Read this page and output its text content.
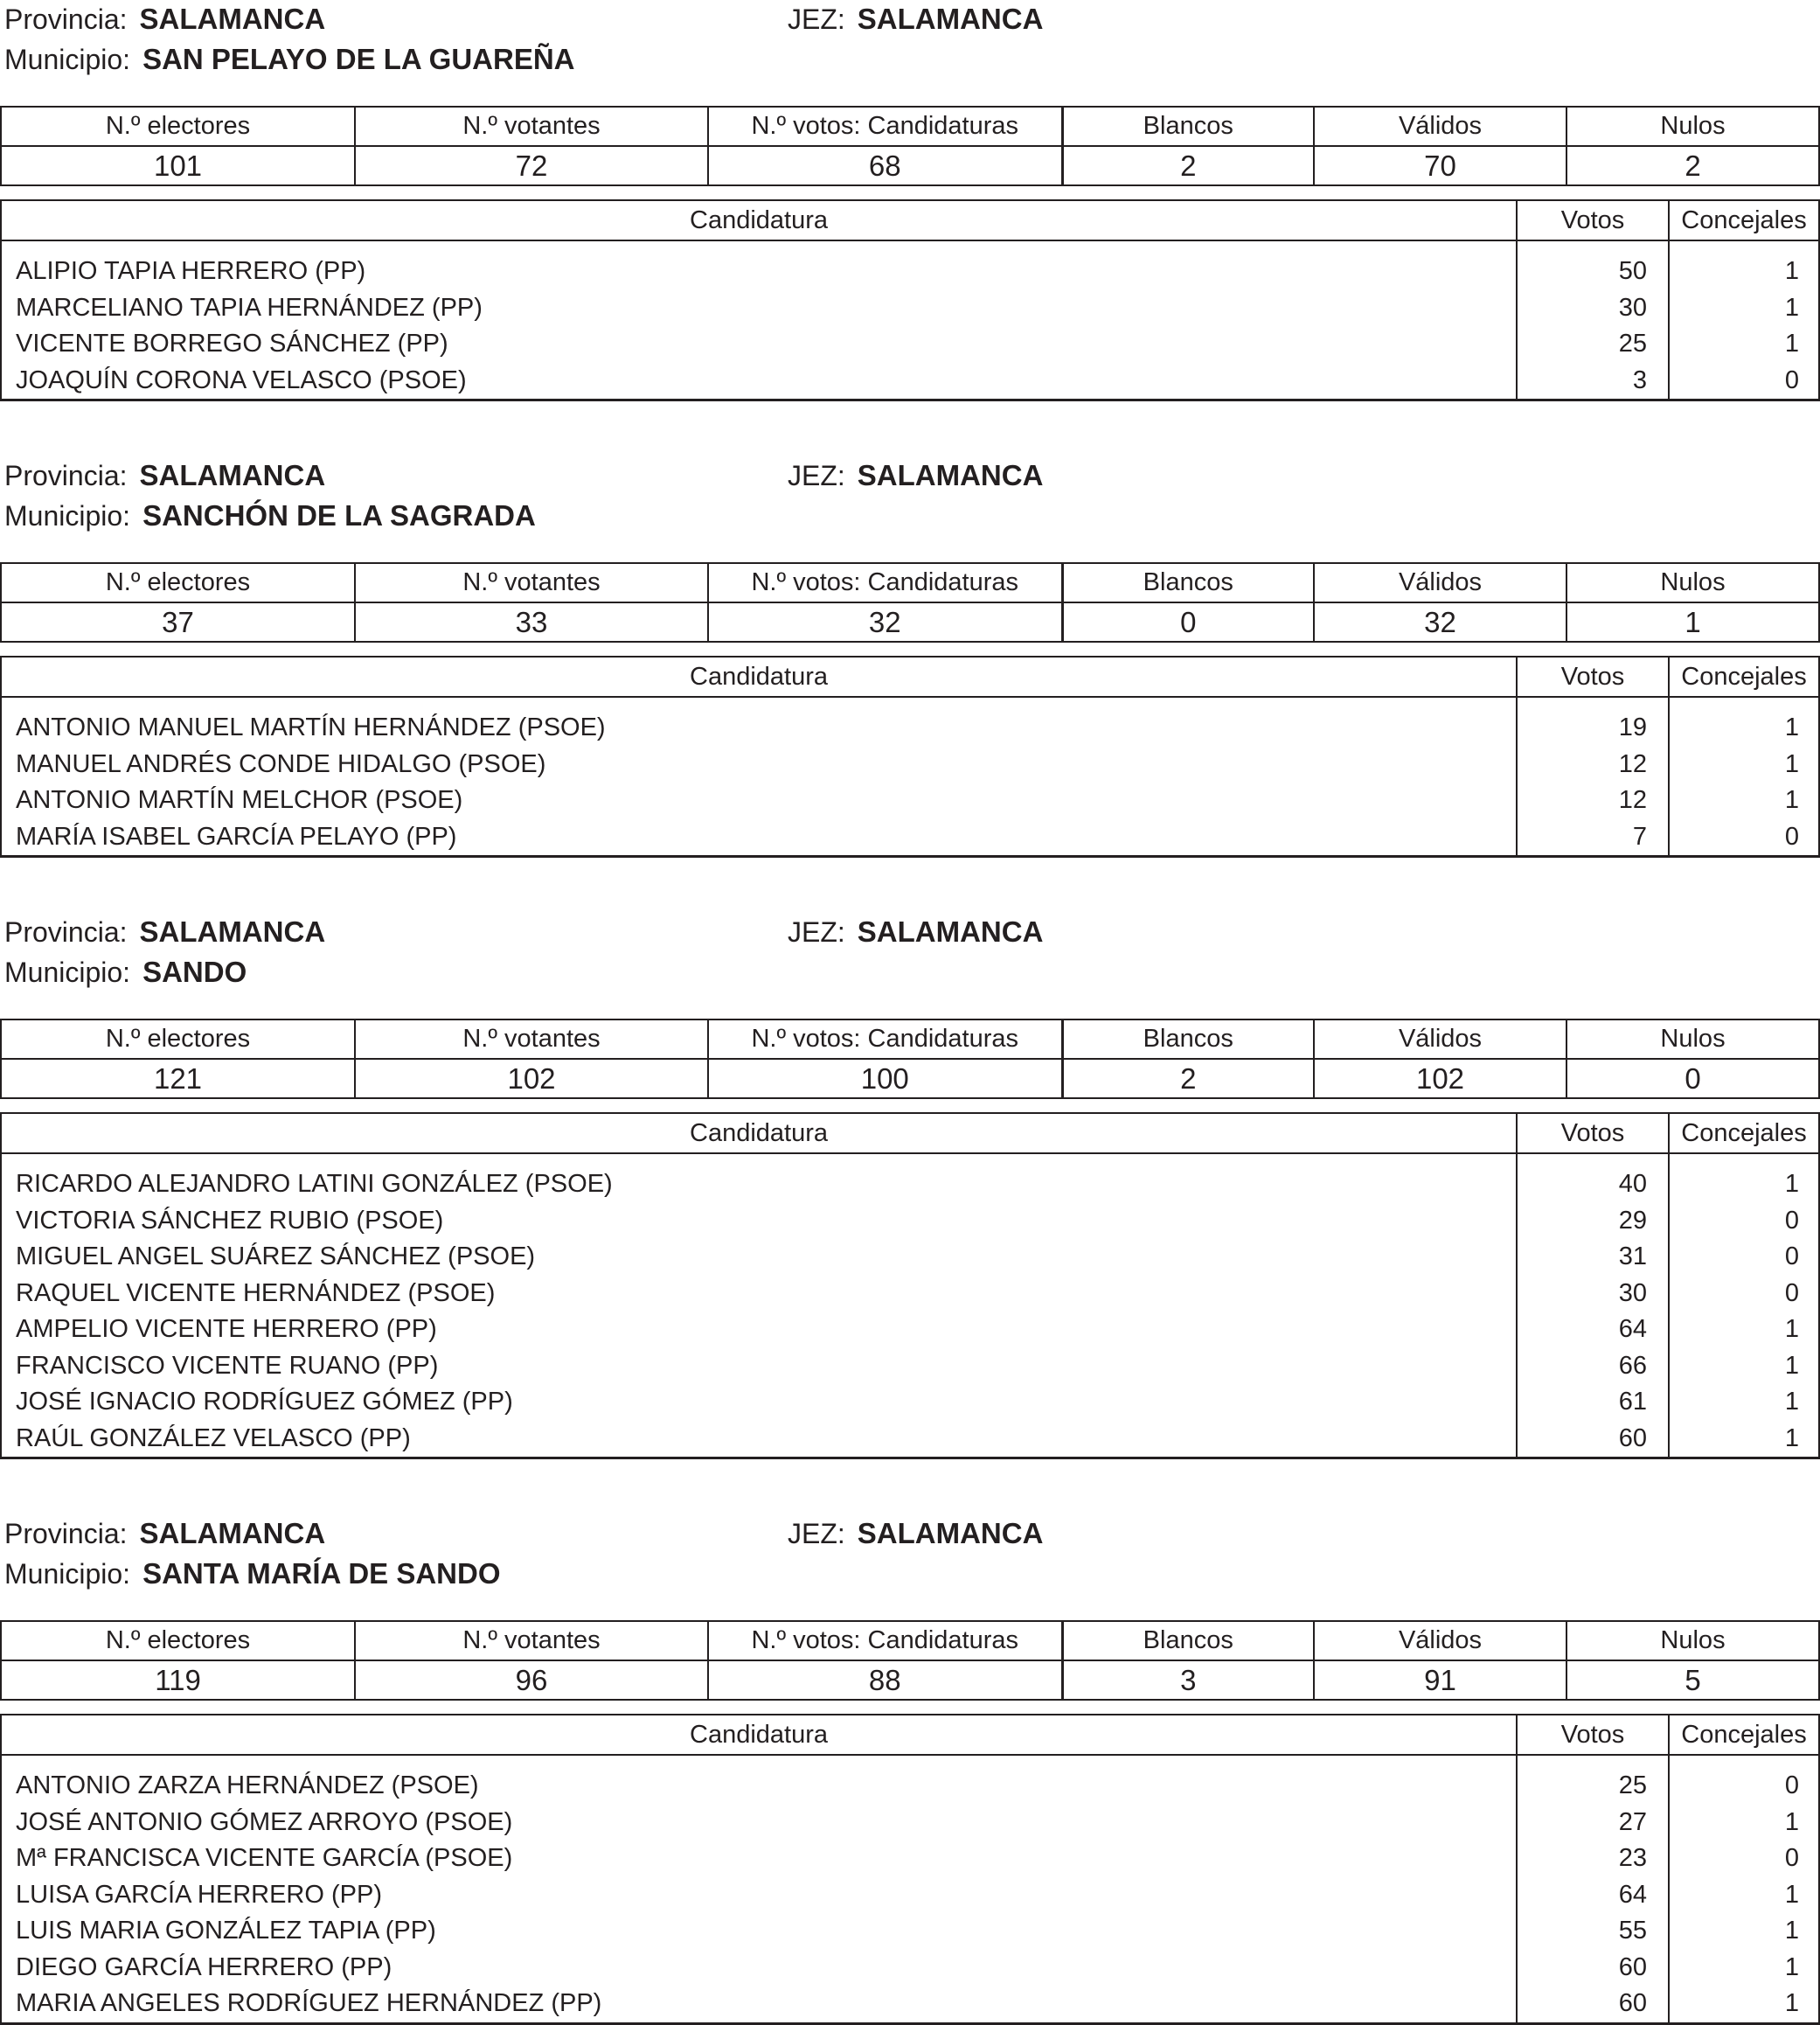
Provincia: SALAMANCA	JEZ: SALAMANCA
Municipio: SAN PELAYO DE LA GUAREÑA
N.º electores	N.º votantes	N.º votos: Candidaturas	Blancos	Válidos	Nulos
101	72	68	2	70	2
Candidatura	Votos	Concejales
ALIPIO TAPIA HERRERO (PP)	50	1
MARCELIANO TAPIA HERNÁNDEZ (PP)	30	1
VICENTE BORREGO SÁNCHEZ (PP)	25	1
JOAQUÍN CORONA VELASCO (PSOE)	3	0
Provincia: SALAMANCA	JEZ: SALAMANCA
Municipio: SANCHÓN DE LA SAGRADA
N.º electores	N.º votantes	N.º votos: Candidaturas	Blancos	Válidos	Nulos
37	33	32	0	32	1
Candidatura	Votos	Concejales
ANTONIO MANUEL MARTÍN HERNÁNDEZ (PSOE)	19	1
MANUEL ANDRÉS CONDE HIDALGO (PSOE)	12	1
ANTONIO MARTÍN MELCHOR (PSOE)	12	1
MARÍA ISABEL GARCÍA PELAYO (PP)	7	0
Provincia: SALAMANCA	JEZ: SALAMANCA
Municipio: SANDO
N.º electores	N.º votantes	N.º votos: Candidaturas	Blancos	Válidos	Nulos
121	102	100	2	102	0
Candidatura	Votos	Concejales
RICARDO ALEJANDRO LATINI GONZÁLEZ (PSOE)	40	1
VICTORIA SÁNCHEZ RUBIO (PSOE)	29	0
MIGUEL ANGEL SUÁREZ SÁNCHEZ (PSOE)	31	0
RAQUEL VICENTE HERNÁNDEZ (PSOE)	30	0
AMPELIO VICENTE HERRERO (PP)	64	1
FRANCISCO VICENTE RUANO (PP)	66	1
JOSÉ IGNACIO RODRÍGUEZ GÓMEZ (PP)	61	1
RAÚL GONZÁLEZ VELASCO (PP)	60	1
Provincia: SALAMANCA	JEZ: SALAMANCA
Municipio: SANTA MARÍA DE SANDO
N.º electores	N.º votantes	N.º votos: Candidaturas	Blancos	Válidos	Nulos
119	96	88	3	91	5
Candidatura	Votos	Concejales
ANTONIO ZARZA HERNÁNDEZ (PSOE)	25	0
JOSÉ ANTONIO GÓMEZ ARROYO (PSOE)	27	1
Mª FRANCISCA VICENTE GARCÍA (PSOE)	23	0
LUISA GARCÍA HERRERO (PP)	64	1
LUIS MARIA GONZÁLEZ TAPIA (PP)	55	1
DIEGO GARCÍA HERRERO (PP)	60	1
MARIA ANGELES RODRÍGUEZ HERNÁNDEZ (PP)	60	1
